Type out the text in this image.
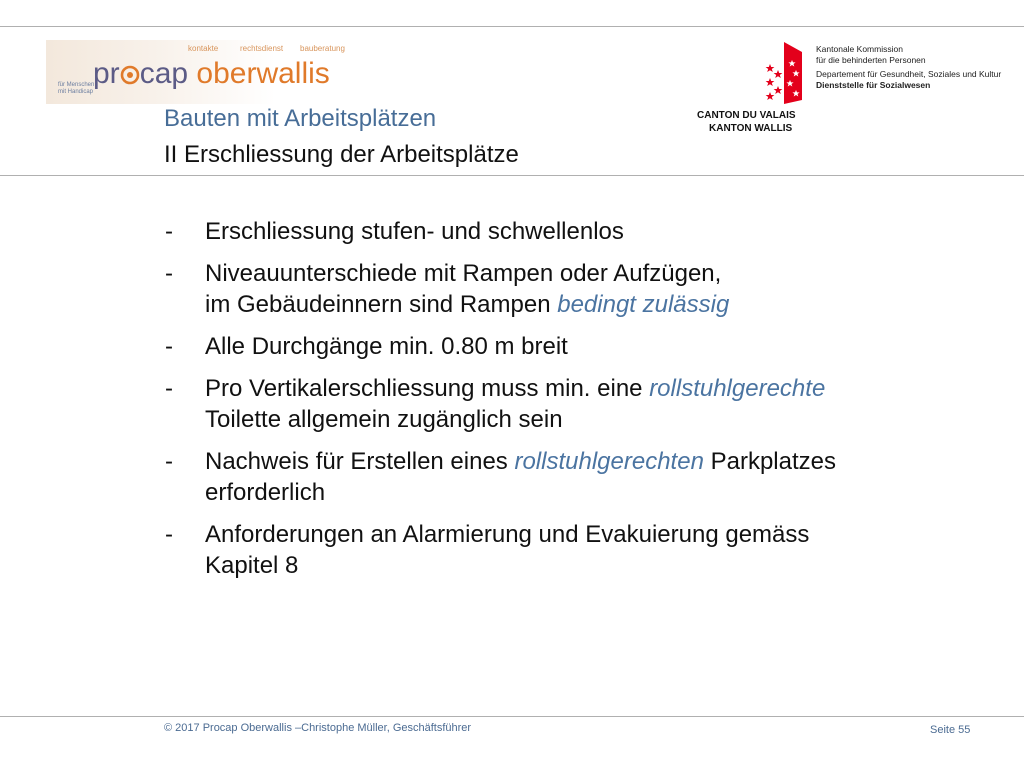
kontakte	rechtsdienst bauberatung
für Menschen
mit Handicap
pr cap oberwallis
Kantonale Kommission
für die behinderten Personen
Departement für Gesundheit, Soziales und Kultur
Dienststelle für Sozialwesen
CANTON DU VALAIS
KANTON WALLIS
Bauten mit Arbeitsplätzen
II Erschliessung der Arbeitsplätze
- Erschliessung stufen- und schwellenlos
- Niveauunterschiede mit Rampen oder Aufzügen,
im Gebäudeinnern sind Rampen bedingt zulässig
- Alle Durchgänge min. 0.80 m breit
- Pro Vertikalerschliessung muss min. eine rollstuhlgerechte
Toilette allgemein zugänglich sein
- Nachweis für Erstellen eines rollstuhlgerechten Parkplatzes
erforderlich
- Anforderungen an Alarmierung und Evakuierung gemäss
Kapitel 8
© 2017 Procap Oberwallis –Christophe Müller, Geschäftsführer	Seite 55
